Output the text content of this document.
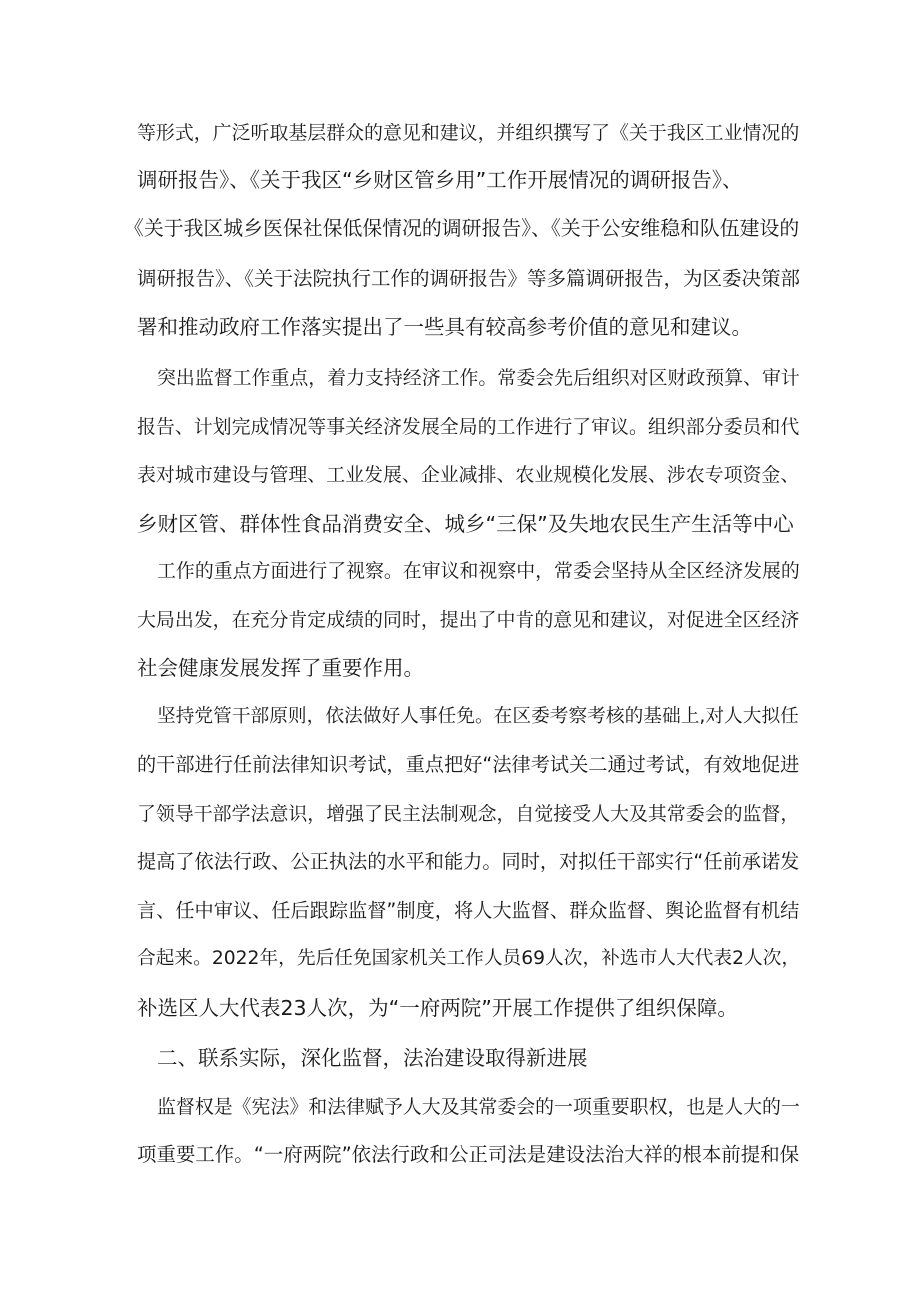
等形式，广泛听取基层群众的意见和建议，并组织撰写了《关于我区工业情况的

调研报告》、《关于我区“乡财区管乡用”工作开展情况的调研报告》、

《关于我区城乡医保社保低保情况的调研报告》、《关于公安维稳和队伍建设的

调研报告》、《关于法院执行工作的调研报告》等多篇调研报告，为区委决策部

署和推动政府工作落实提出了一些具有较高参考价值的意见和建议。

突出监督工作重点，着力支持经济工作。常委会先后组织对区财政预算、审计

报告、计划完成情况等事关经济发展全局的工作进行了审议。组织部分委员和代

表对城市建设与管理、工业发展、企业减排、农业规模化发展、涉农专项资金、

乡财区管、群体性食品消费安全、城乡“三保”及失地农民生产生活等中心

工作的重点方面进行了视察。在审议和视察中，常委会坚持从全区经济发展的

大局出发，在充分肯定成绩的同时，提出了中肯的意见和建议，对促进全区经济

社会健康发展发挥了重要作用。

坚持党管干部原则，依法做好人事任免。在区委考察考核的基础上,对人大拟任

的干部进行任前法律知识考试，重点把好“法律考试关二通过考试，有效地促进

了领导干部学法意识，增强了民主法制观念，自觉接受人大及其常委会的监督，

提高了依法行政、公正执法的水平和能力。同时，对拟任干部实行“任前承诺发

言、任中审议、任后跟踪监督”制度，将人大监督、群众监督、舆论监督有机结

合起来。2022年，先后任免国家机关工作人员69人次，补选市人大代表2人次，

补选区人大代表23人次，为“一府两院”开展工作提供了组织保障。

二、联系实际，深化监督，法治建设取得新进展

监督权是《宪法》和法律赋予人大及其常委会的一项重要职权，也是人大的一

项重要工作。“一府两院”依法行政和公正司法是建设法治大祥的根本前提和保
